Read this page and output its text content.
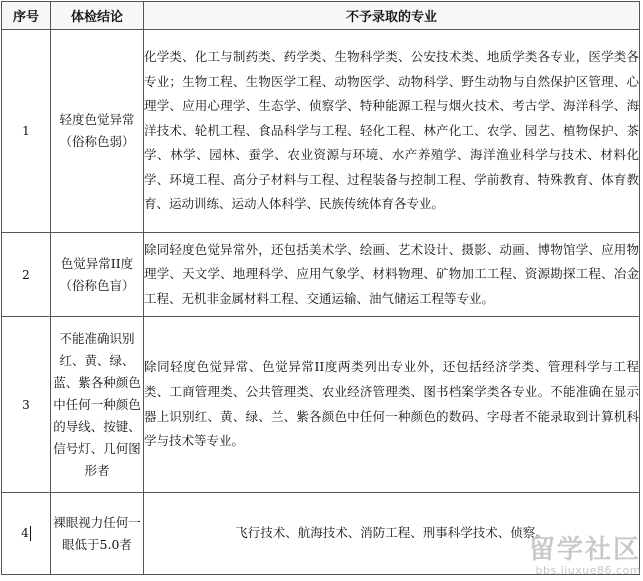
序号	体检结论	不予录取的专业
1	轻度色觉异常（俗称色弱）	化学类、化工与制药类、药学类、生物科学类、公安技术类、地质学类各专业，医学类各专业；生物工程、生物医学工程、动物医学、动物科学、野生动物与自然保护区管理、心理学、应用心理学、生态学、侦察学、特种能源工程与烟火技术、考古学、海洋科学、海洋技术、轮机工程、食品科学与工程、轻化工程、林产化工、农学、园艺、植物保护、茶学、林学、园林、蚕学、农业资源与环境、水产养殖学、海洋渔业科学与技术、材料化学、环境工程、高分子材料与工程、过程装备与控制工程、学前教育、特殊教育、体育教育、运动训练、运动人体科学、民族传统体育各专业。
2	色觉异常II度（俗称色盲）	除同轻度色觉异常外，还包括美术学、绘画、艺术设计、摄影、动画、博物馆学、应用物理学、天文学、地理科学、应用气象学、材料物理、矿物加工工程、资源勘探工程、冶金工程、无机非金属材料工程、交通运输、油气储运工程等专业。
3	不能准确识别红、黄、绿、蓝、紫各种颜色中任何一种颜色的导线、按键、信号灯、几何图形者	除同轻度色觉异常、色觉异常II度两类列出专业外，还包括经济学类、管理科学与工程类、工商管理类、公共管理类、农业经济管理类、图书档案学类各专业。不能准确在显示器上识别红、黄、绿、兰、紫各颜色中任何一种颜色的数码、字母者不能录取到计算机科学与技术等专业。
4	裸眼视力任何一眼低于5.0者	飞行技术、航海技术、消防工程、刑事科学技术、侦察。
留学社区
bbs.liuxue86.com
